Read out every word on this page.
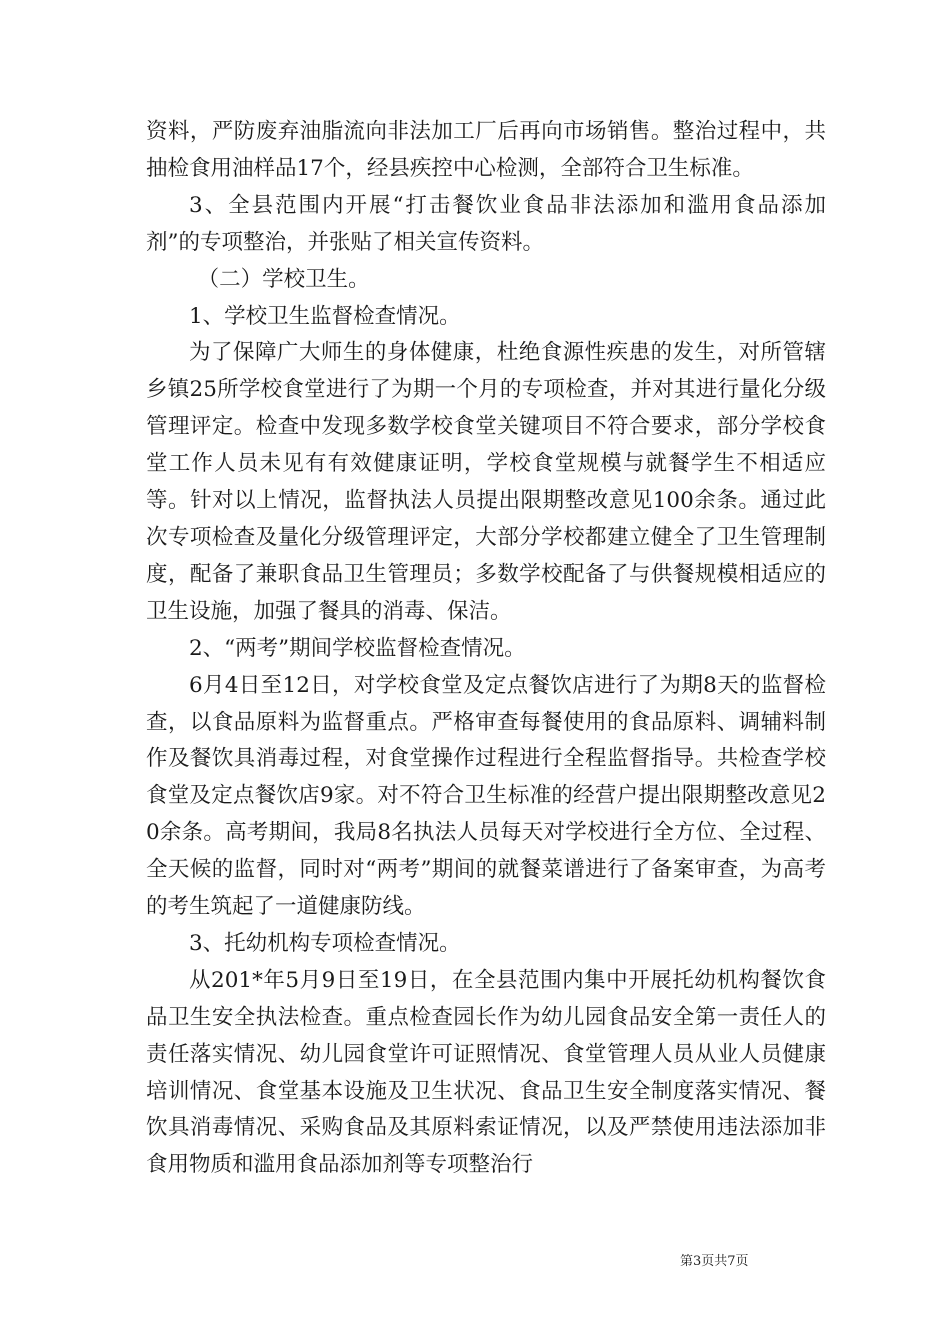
资料，严防废弃油脂流向非法加工厂后再向市场销售。整治过程中，共抽检食用油样品17个，经县疾控中心检测，全部符合卫生标准。

3、全县范围内开展“打击餐饮业食品非法添加和滥用食品添加剂”的专项整治，并张贴了相关宣传资料。

（二）学校卫生。

1、学校卫生监督检查情况。

为了保障广大师生的身体健康，杜绝食源性疾患的发生，对所管辖乡镇25所学校食堂进行了为期一个月的专项检查，并对其进行量化分级管理评定。检查中发现多数学校食堂关键项目不符合要求，部分学校食堂工作人员未见有有效健康证明，学校食堂规模与就餐学生不相适应等。针对以上情况，监督执法人员提出限期整改意见100余条。通过此次专项检查及量化分级管理评定，大部分学校都建立健全了卫生管理制度，配备了兼职食品卫生管理员；多数学校配备了与供餐规模相适应的卫生设施，加强了餐具的消毒、保洁。

2、“两考”期间学校监督检查情况。

6月4日至12日，对学校食堂及定点餐饮店进行了为期8天的监督检查，以食品原料为监督重点。严格审查每餐使用的食品原料、调辅料制作及餐饮具消毒过程，对食堂操作过程进行全程监督指导。共检查学校食堂及定点餐饮店9家。对不符合卫生标准的经营户提出限期整改意见20余条。高考期间，我局8名执法人员每天对学校进行全方位、全过程、全天候的监督，同时对“两考”期间的就餐菜谱进行了备案审查，为高考的考生筑起了一道健康防线。

3、托幼机构专项检查情况。

从201*年5月9日至19日，在全县范围内集中开展托幼机构餐饮食品卫生安全执法检查。重点检查园长作为幼儿园食品安全第一责任人的责任落实情况、幼儿园食堂许可证照情况、食堂管理人员从业人员健康培训情况、食堂基本设施及卫生状况、食品卫生安全制度落实情况、餐饮具消毒情况、采购食品及其原料索证情况，以及严禁使用违法添加非食用物质和滥用食品添加剂等专项整治行

第3页共7页
